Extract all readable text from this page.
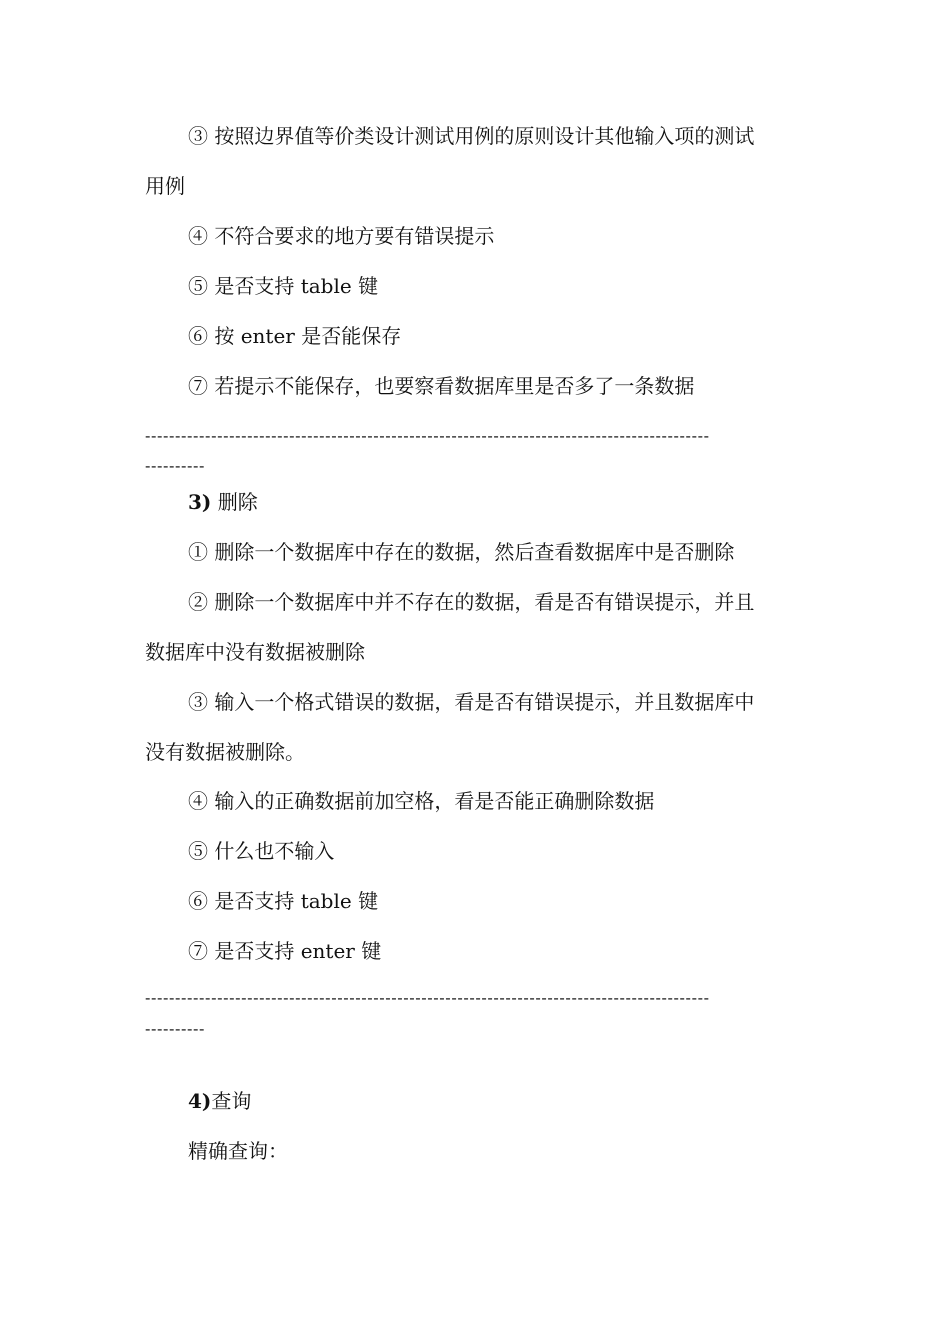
③ 按照边界值等价类设计测试用例的原则设计其他输入项的测试
用例
④ 不符合要求的地方要有错误提示
⑤ 是否支持 table 键
⑥ 按 enter 是否能保存
⑦ 若提示不能保存，也要察看数据库里是否多了一条数据
----------------------------------------------------------------------------------------------
----------
3) 删除
① 删除一个数据库中存在的数据，然后查看数据库中是否删除
② 删除一个数据库中并不存在的数据，看是否有错误提示，并且
数据库中没有数据被删除
③ 输入一个格式错误的数据，看是否有错误提示，并且数据库中
没有数据被删除。
④ 输入的正确数据前加空格，看是否能正确删除数据
⑤ 什么也不输入
⑥ 是否支持 table 键
⑦ 是否支持 enter 键
----------------------------------------------------------------------------------------------
----------
4)查询
精确查询：
